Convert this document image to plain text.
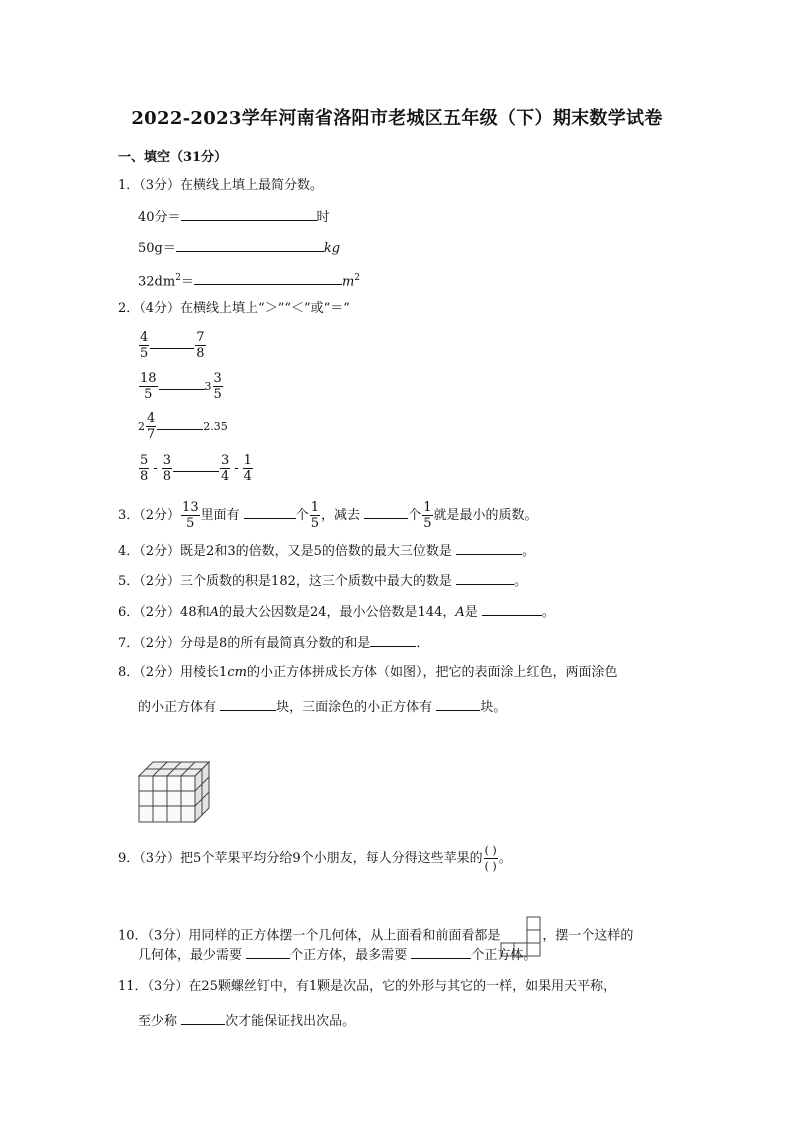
2022-2023学年河南省洛阳市老城区五年级（下）期末数学试卷
一、填空（31分）
1．（3分）在横线上填上最简分数。
40分＝	时
50g＝	kg
$32dm^2=$	$m^2$
2．（4分）在横线上填上“＞”“＜”或“＝”
$\frac{4}{5}$	$\frac{7}{8}$
$\frac{18}{5}$	$3 \frac{3}{5}$
$2 \frac{4}{7}$	2.35
$\frac{5}{8} - \frac{3}{8}$	$\frac{3}{4} - \frac{1}{4}$
3．（2分） $\frac{13}{5}$ 里面有	个 $\frac{1}{5}$ ，减去	个 $\frac{1}{5}$ 就是最小的质数。
4．（2分）既是2和3的倍数，又是5的倍数的最大三位数是	。
5．（2分）三个质数的积是182，这三个质数中最大的数是	。
6．（2分）48和A的最大公因数是24，最小公倍数是144，A是	。
7．（2分）分母是8的所有最简真分数的和是	．
8．（2分）用棱长1cm的小正方体拼成长方体（如图），把它的表面涂上红色，两面涂色
的小正方体有	块，三面涂色的小正方体有	块。
9．（3分）把5个苹果平均分给9个小朋友，每人分得这些苹果的 $\frac{( )}{( )}$ 。
10．（3分）用同样的正方体摆一个几何体，从上面看和前面看都是	，摆一个这样的
几何体，最少需要	个正方体，最多需要	个正方体。
11．（3分）在25颗螺丝钉中，有1颗是次品，它的外形与其它的一样，如果用天平称，
至少称	次才能保证找出次品。
